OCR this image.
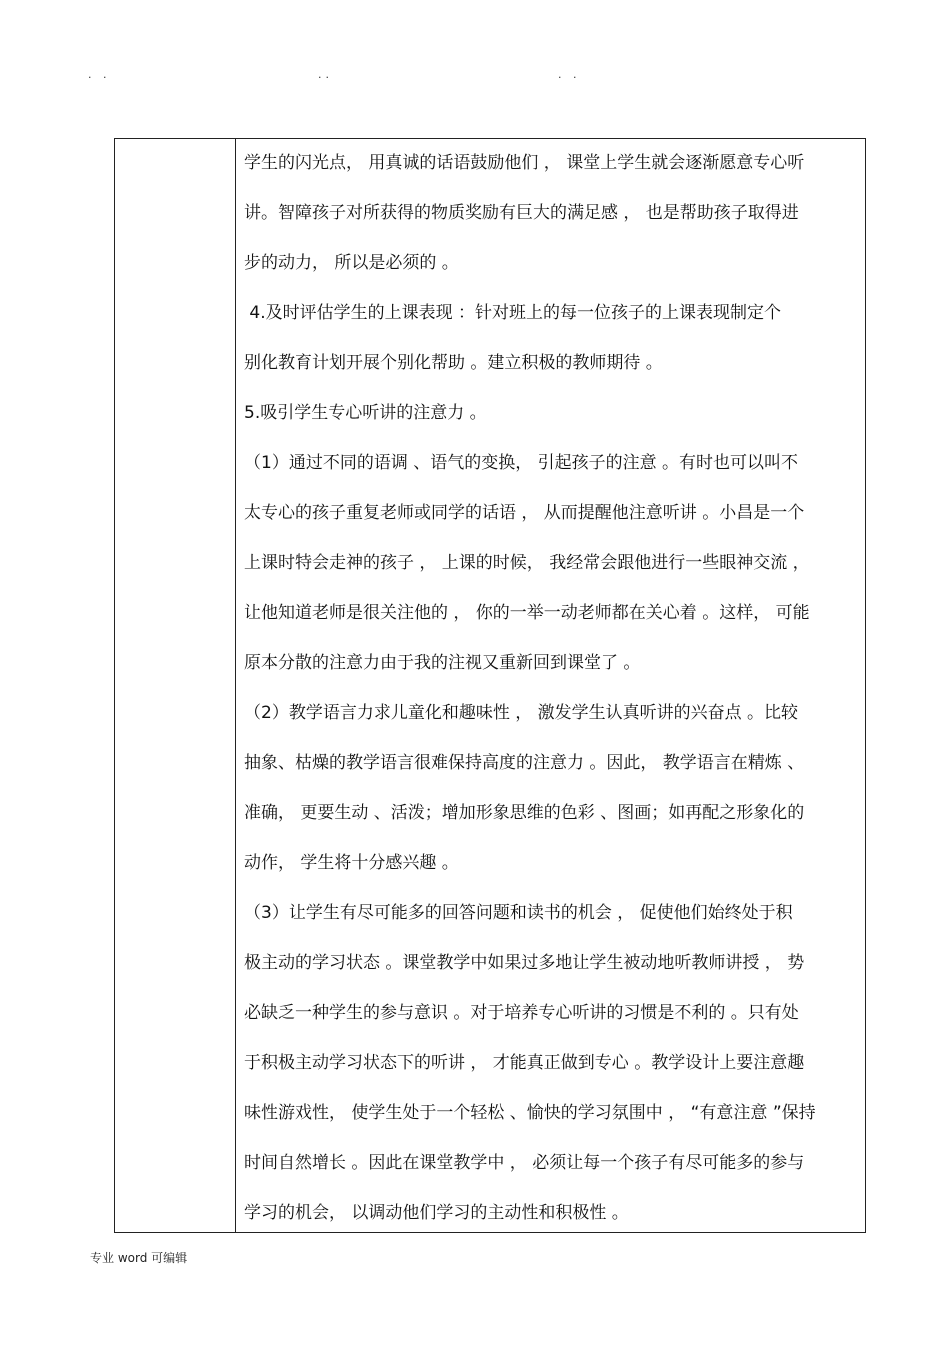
. .	..	. .
学生的闪光点， 用真诚的话语鼓励他们 ， 课堂上学生就会逐渐愿意专心听
讲。智障孩子对所获得的物质奖励有巨大的满足感 ， 也是帮助孩子取得进
步的动力， 所以是必须的 。
4.及时评估学生的上课表现 ：针对班上的每一位孩子的上课表现制定个
别化教育计划开展个别化帮助 。建立积极的教师期待 。
5.吸引学生专心听讲的注意力 。
（1）通过不同的语调 、语气的变换， 引起孩子的注意 。有时也可以叫不
太专心的孩子重复老师或同学的话语 ， 从而提醒他注意听讲 。小昌是一个
上课时特会走神的孩子 ， 上课的时候， 我经常会跟他进行一些眼神交流 ，
让他知道老师是很关注他的 ， 你的一举一动老师都在关心着 。这样， 可能
原本分散的注意力由于我的注视又重新回到课堂了 。
（2）教学语言力求儿童化和趣味性 ， 激发学生认真听讲的兴奋点 。比较
抽象、枯燥的教学语言很难保持高度的注意力 。因此， 教学语言在精炼 、
准确， 更要生动 、活泼；增加形象思维的色彩 、图画；如再配之形象化的
动作， 学生将十分感兴趣 。
（3）让学生有尽可能多的回答问题和读书的机会 ， 促使他们始终处于积
极主动的学习状态 。课堂教学中如果过多地让学生被动地听教师讲授 ， 势
必缺乏一种学生的参与意识 。对于培养专心听讲的习惯是不利的 。只有处
于积极主动学习状态下的听讲 ， 才能真正做到专心 。教学设计上要注意趣
味性游戏性， 使学生处于一个轻松 、愉快的学习氛围中 ， “有意注意 ”保持
时间自然增长 。因此在课堂教学中 ， 必须让每一个孩子有尽可能多的参与
学习的机会， 以调动他们学习的主动性和积极性 。
专业 word 可编辑
